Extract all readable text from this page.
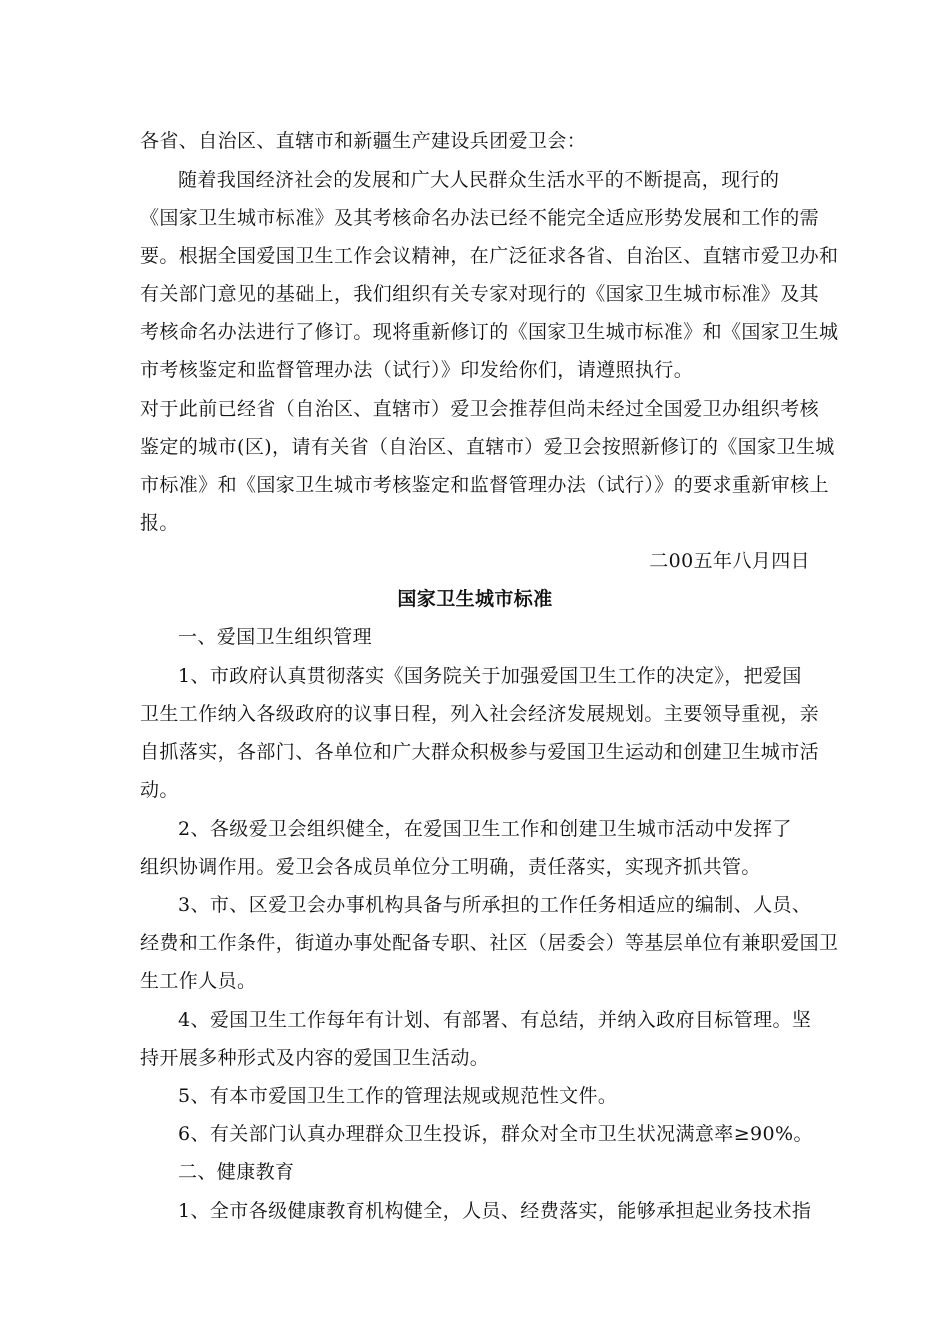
各省、自治区、直辖市和新疆生产建设兵团爱卫会：
随着我国经济社会的发展和广大人民群众生活水平的不断提高，现行的
《国家卫生城市标准》及其考核命名办法已经不能完全适应形势发展和工作的需
要。根据全国爱国卫生工作会议精神，在广泛征求各省、自治区、直辖市爱卫办和
有关部门意见的基础上，我们组织有关专家对现行的《国家卫生城市标准》及其
考核命名办法进行了修订。现将重新修订的《国家卫生城市标准》和《国家卫生城
市考核鉴定和监督管理办法（试行）》印发给你们，请遵照执行。
对于此前已经省（自治区、直辖市）爱卫会推荐但尚未经过全国爱卫办组织考核
鉴定的城市(区)，请有关省（自治区、直辖市）爱卫会按照新修订的《国家卫生城
市标准》和《国家卫生城市考核鉴定和监督管理办法（试行）》的要求重新审核上
报。
二00五年八月四日
国家卫生城市标准
一、爱国卫生组织管理
1、市政府认真贯彻落实《国务院关于加强爱国卫生工作的决定》，把爱国
卫生工作纳入各级政府的议事日程，列入社会经济发展规划。主要领导重视，亲
自抓落实，各部门、各单位和广大群众积极参与爱国卫生运动和创建卫生城市活
动。
2、各级爱卫会组织健全，在爱国卫生工作和创建卫生城市活动中发挥了
组织协调作用。爱卫会各成员单位分工明确，责任落实，实现齐抓共管。
3、市、区爱卫会办事机构具备与所承担的工作任务相适应的编制、人员、
经费和工作条件，街道办事处配备专职、社区（居委会）等基层单位有兼职爱国卫
生工作人员。
4、爱国卫生工作每年有计划、有部署、有总结，并纳入政府目标管理。坚
持开展多种形式及内容的爱国卫生活动。
5、有本市爱国卫生工作的管理法规或规范性文件。
6、有关部门认真办理群众卫生投诉，群众对全市卫生状况满意率≥90%。
二、健康教育
1、全市各级健康教育机构健全，人员、经费落实，能够承担起业务技术指
